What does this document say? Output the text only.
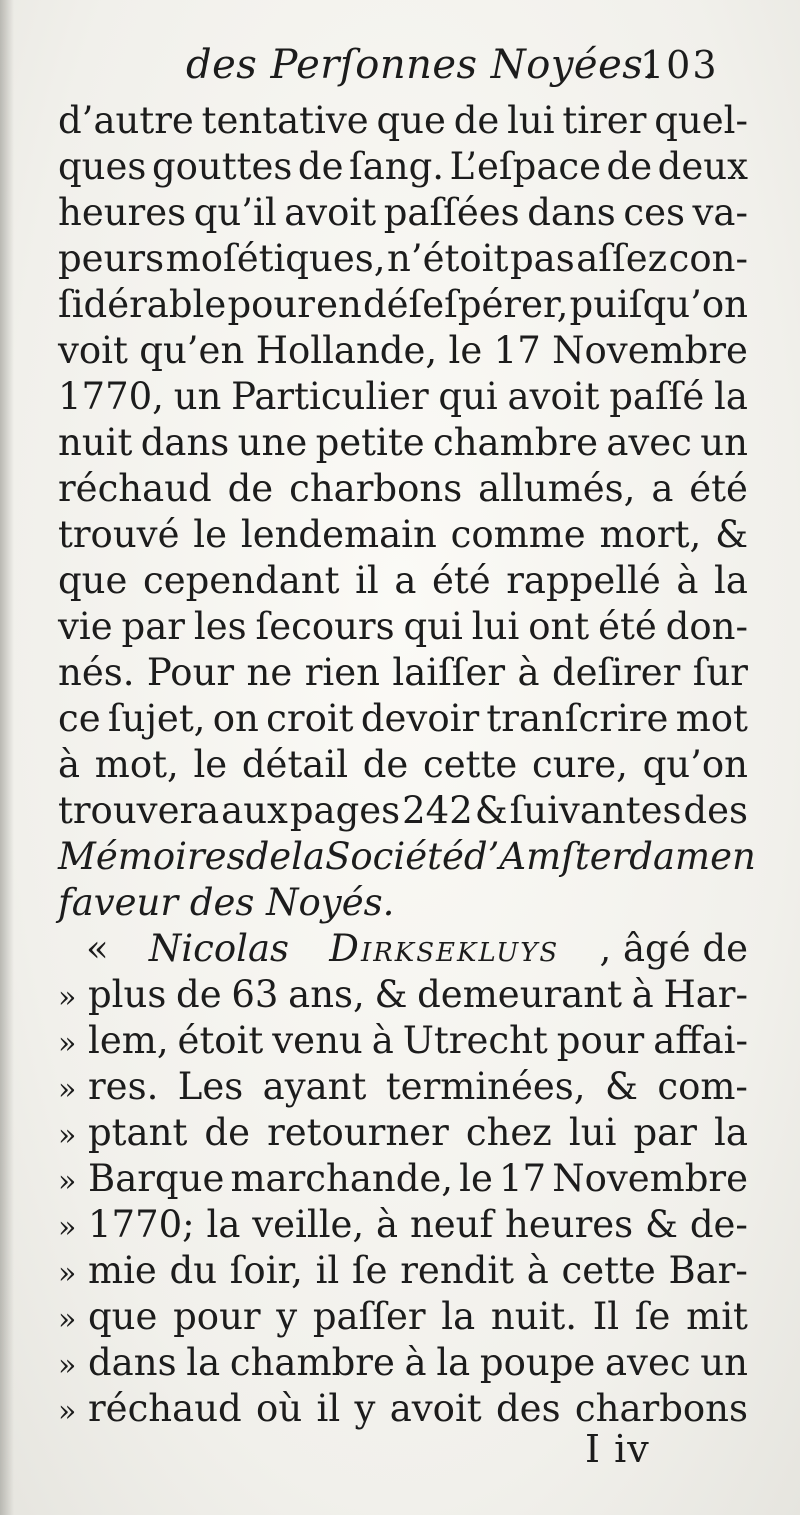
des Perſonnes Noyées.
103
d’autre tentative que de lui tirer quel-
ques gouttes de ſang. L’eſpace de deux
heures qu’il avoit paſſées dans ces va-
peurs moſétiques, n’étoit pas aſſez con-
ſidérable pour en déſeſpérer, puiſqu’on
voit qu’en Hollande, le 17 Novembre
1770, un Particulier qui avoit paſſé la
nuit dans une petite chambre avec un
réchaud de charbons allumés, a été
trouvé le lendemain comme mort, &
que cependant il a été rappellé à la
vie par les ſecours qui lui ont été don-
nés. Pour ne rien laiſſer à deſirer ſur
ce ſujet, on croit devoir tranſcrire mot
à mot, le détail de cette cure, qu’on
trouvera aux pages 242 & ſuivantes des
Mémoires de la Société d’Amſterdam en
faveur des Noyés.
« Nicolas Dirksekluys , âgé de
» plus de 63 ans, & demeurant à Har-
» lem, étoit venu à Utrecht pour affai-
» res. Les ayant terminées, & com-
» ptant de retourner chez lui par la
» Barque marchande, le 17 Novembre
» 1770; la veille, à neuf heures & de-
» mie du ſoir, il ſe rendit à cette Bar-
» que pour y paſſer la nuit. Il ſe mit
» dans la chambre à la poupe avec un
» réchaud où il y avoit des charbons
I iv
